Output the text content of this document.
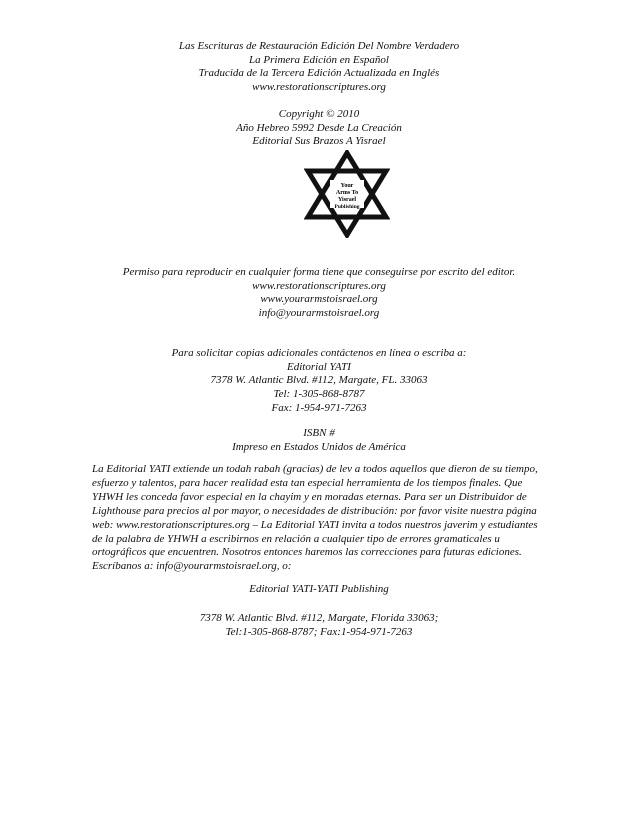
Las Escrituras de Restauración Edición Del Nombre Verdadero
La Primera Edición en Español
Traducida de la Tercera Edición Actualizada en Inglés
www.restorationscriptures.org
Copyright © 2010
Año Hebreo 5992 Desde La Creación
Editorial Sus Brazos A Yisrael
Your
Arms To
Yisrael
Publishing
Permiso para reproducir en cualquier forma tiene que conseguirse por escrito del editor.
www.restorationscriptures.org
www.yourarmstoisrael.org
info@yourarmstoisrael.org
Para solicitar copias adicionales contáctenos en línea o escriba a:
Editorial YATI
7378 W. Atlantic Blvd. #112, Margate, FL. 33063
Tel: 1-305-868-8787
Fax: 1-954-971-7263
ISBN #
Impreso en Estados Unidos de América
La Editorial YATI extiende un todah rabah (gracias) de lev a todos aquellos que dieron de su tiempo,
esfuerzo y talentos, para hacer realidad esta tan especial herramienta de los tiempos finales. Que
YHWH les conceda favor especial en la chayim y en moradas eternas. Para ser un Distribuidor de
Lighthouse para precios al por mayor, o necesidades de distribución: por favor visite nuestra página
web: www.restorationscriptures.org – La Editorial YATI invita a todos nuestros javerim y estudiantes
de la palabra de YHWH a escribirnos en relación a cualquier tipo de errores gramaticales u
ortográficos que encuentren. Nosotros entonces haremos las correcciones para futuras ediciones.
Escríbanos a: info@yourarmstoisrael.org, o:
Editorial YATI-YATI Publishing
7378 W. Atlantic Blvd. #112, Margate, Florida 33063;
Tel:1-305-868-8787; Fax:1-954-971-7263
